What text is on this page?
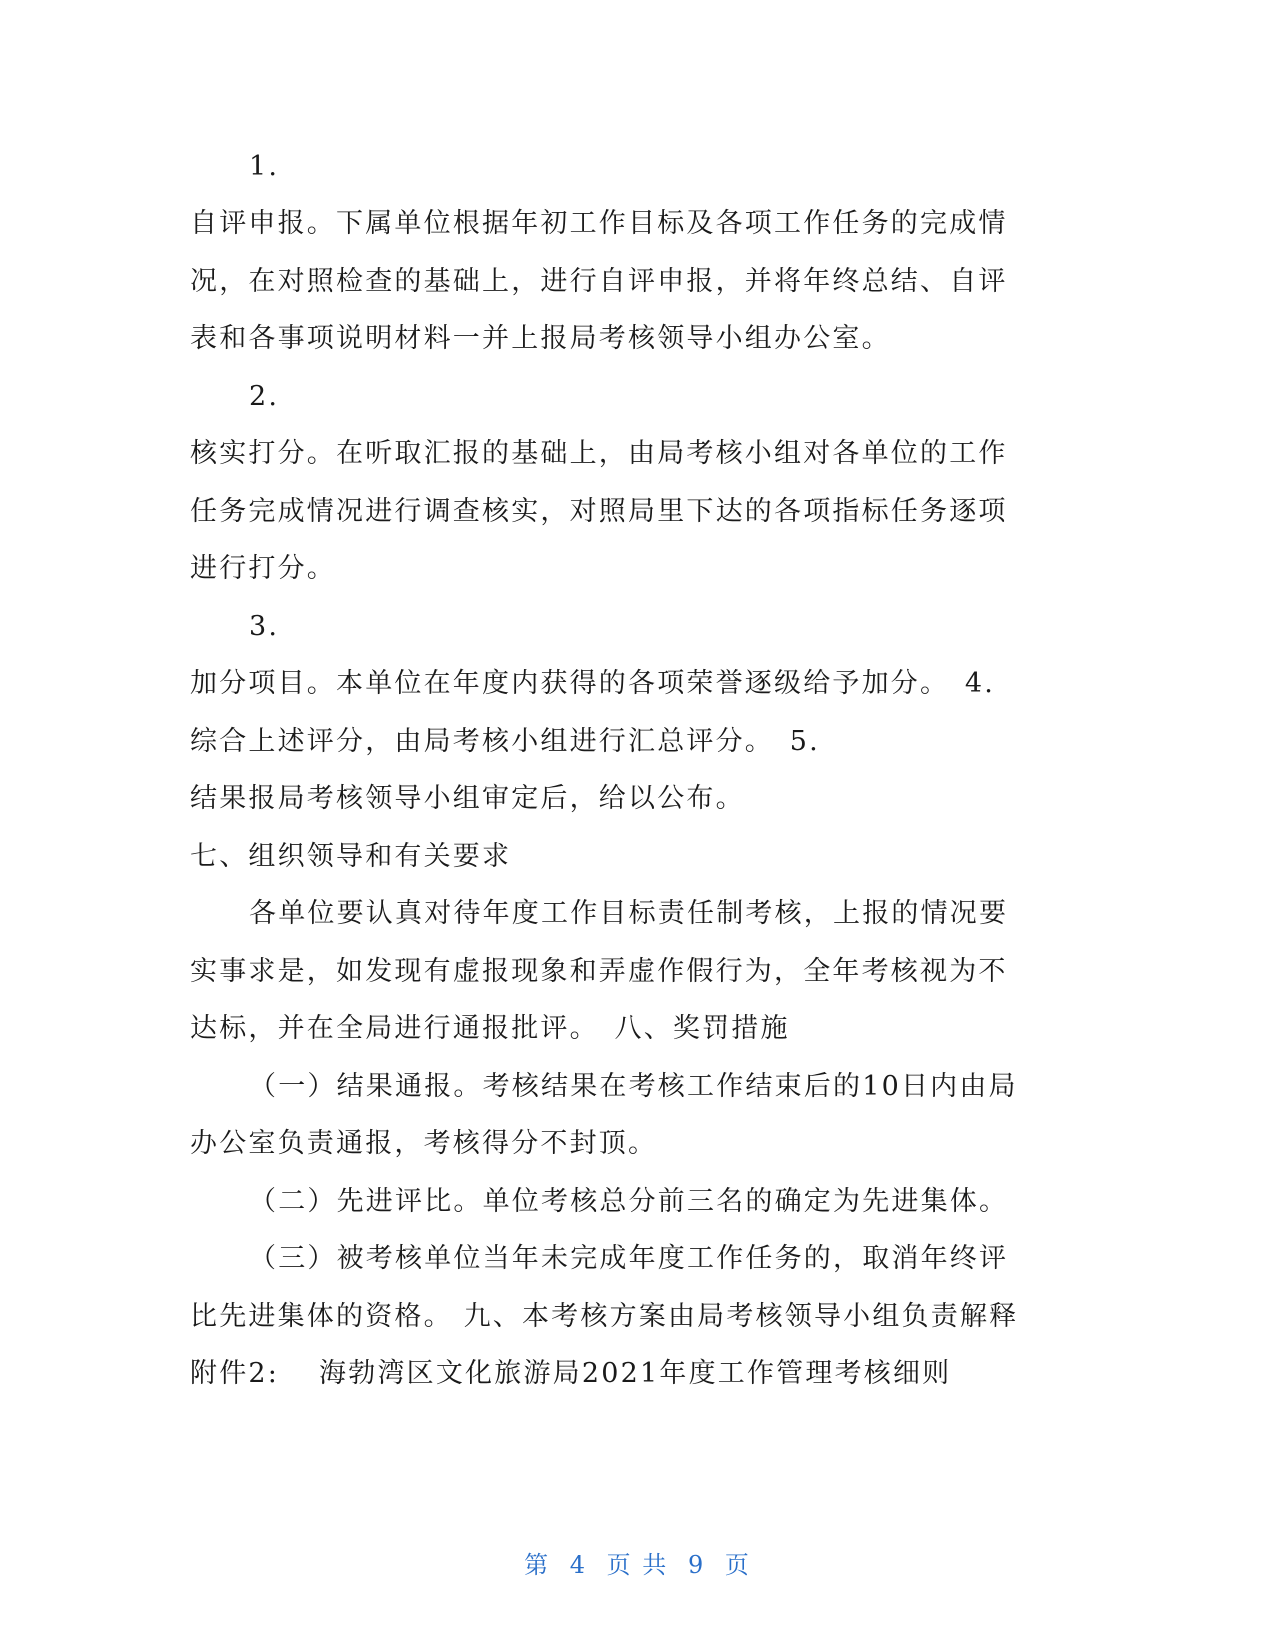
1.
自评申报。下属单位根据年初工作目标及各项工作任务的完成情
况，在对照检查的基础上，进行自评申报，并将年终总结、自评
表和各事项说明材料一并上报局考核领导小组办公室。
2.
核实打分。在听取汇报的基础上，由局考核小组对各单位的工作
任务完成情况进行调查核实，对照局里下达的各项指标任务逐项
进行打分。
3.
加分项目。本单位在年度内获得的各项荣誉逐级给予加分。　4.
综合上述评分，由局考核小组进行汇总评分。　5.
结果报局考核领导小组审定后，给以公布。
七、组织领导和有关要求
各单位要认真对待年度工作目标责任制考核，上报的情况要
实事求是，如发现有虚报现象和弄虚作假行为，全年考核视为不
达标，并在全局进行通报批评。　八、奖罚措施
（一）结果通报。考核结果在考核工作结束后的10日内由局
办公室负责通报，考核得分不封顶。
（二）先进评比。单位考核总分前三名的确定为先进集体。
（三）被考核单位当年未完成年度工作任务的，取消年终评
比先进集体的资格。 九、本考核方案由局考核领导小组负责解释
附件2:　 海勃湾区文化旅游局2021年度工作管理考核细则
第 4 页 共 9 页
